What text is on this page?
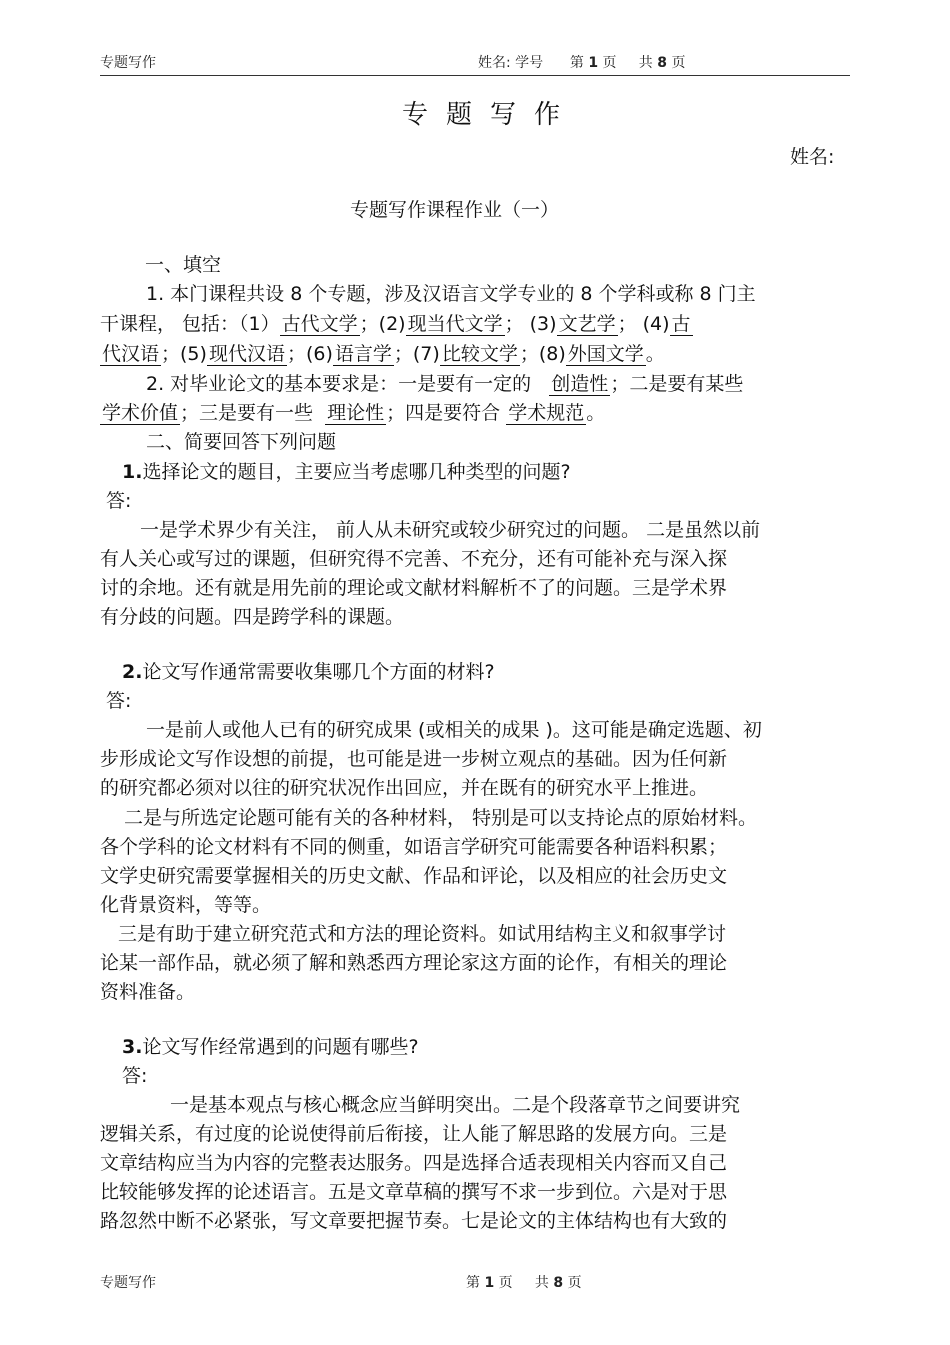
专题写作	姓名: 学号 第 1 页 共 8 页
专题写作
姓名:
专题写作课程作业（一）
一、填空
1. 本门课程共设 8 个专题，涉及汉语言文学专业的 8 个学科或称 8 门主
干课程， 包括：（1） 古代文学 ；(2) 现当代文学 ； (3) 文艺学 ； (4) 古
代汉语 ；(5) 现代汉语 ；(6) 语言学 ；(7) 比较文学 ；(8) 外国文学 。
2. 对毕业论文的基本要求是：一是要有一定的 创造性 ；二是要有某些
学术价值 ；三是要有一些 理论性 ；四是要符合 学术规范 。
二、简要回答下列问题
1.选择论文的题目，主要应当考虑哪几种类型的问题?
答:
一是学术界少有关注， 前人从未研究或较少研究过的问题。 二是虽然以前
有人关心或写过的课题，但研究得不完善、不充分，还有可能补充与深入探
讨的余地。还有就是用先前的理论或文献材料解析不了的问题。三是学术界
有分歧的问题。四是跨学科的课题。
2.论文写作通常需要收集哪几个方面的材料?
答:
一是前人或他人已有的研究成果 (或相关的成果 )。这可能是确定选题、初
步形成论文写作设想的前提，也可能是进一步树立观点的基础。因为任何新
的研究都必须对以往的研究状况作出回应，并在既有的研究水平上推进。
二是与所选定论题可能有关的各种材料， 特别是可以支持论点的原始材料。
各个学科的论文材料有不同的侧重，如语言学研究可能需要各种语料积累；
文学史研究需要掌握相关的历史文献、作品和评论，以及相应的社会历史文
化背景资料，等等。
三是有助于建立研究范式和方法的理论资料。如试用结构主义和叙事学讨
论某一部作品，就必须了解和熟悉西方理论家这方面的论作，有相关的理论
资料准备。
3.论文写作经常遇到的问题有哪些?
答:
一是基本观点与核心概念应当鲜明突出。二是个段落章节之间要讲究
逻辑关系，有过度的论说使得前后衔接，让人能了解思路的发展方向。三是
文章结构应当为内容的完整表达服务。四是选择合适表现相关内容而又自己
比较能够发挥的论述语言。五是文章草稿的撰写不求一步到位。六是对于思
路忽然中断不必紧张，写文章要把握节奏。七是论文的主体结构也有大致的
专题写作	第 1 页 共 8 页
